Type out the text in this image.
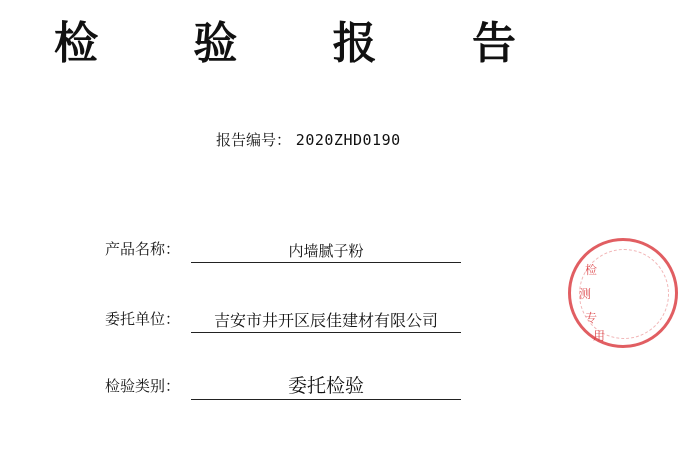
检 验 报 告
报告编号： 2020ZHD0190
产品名称：	内墙腻子粉
委托单位：	吉安市井开区辰佳建材有限公司
检验类别：	委托检验
检
测
专
用
